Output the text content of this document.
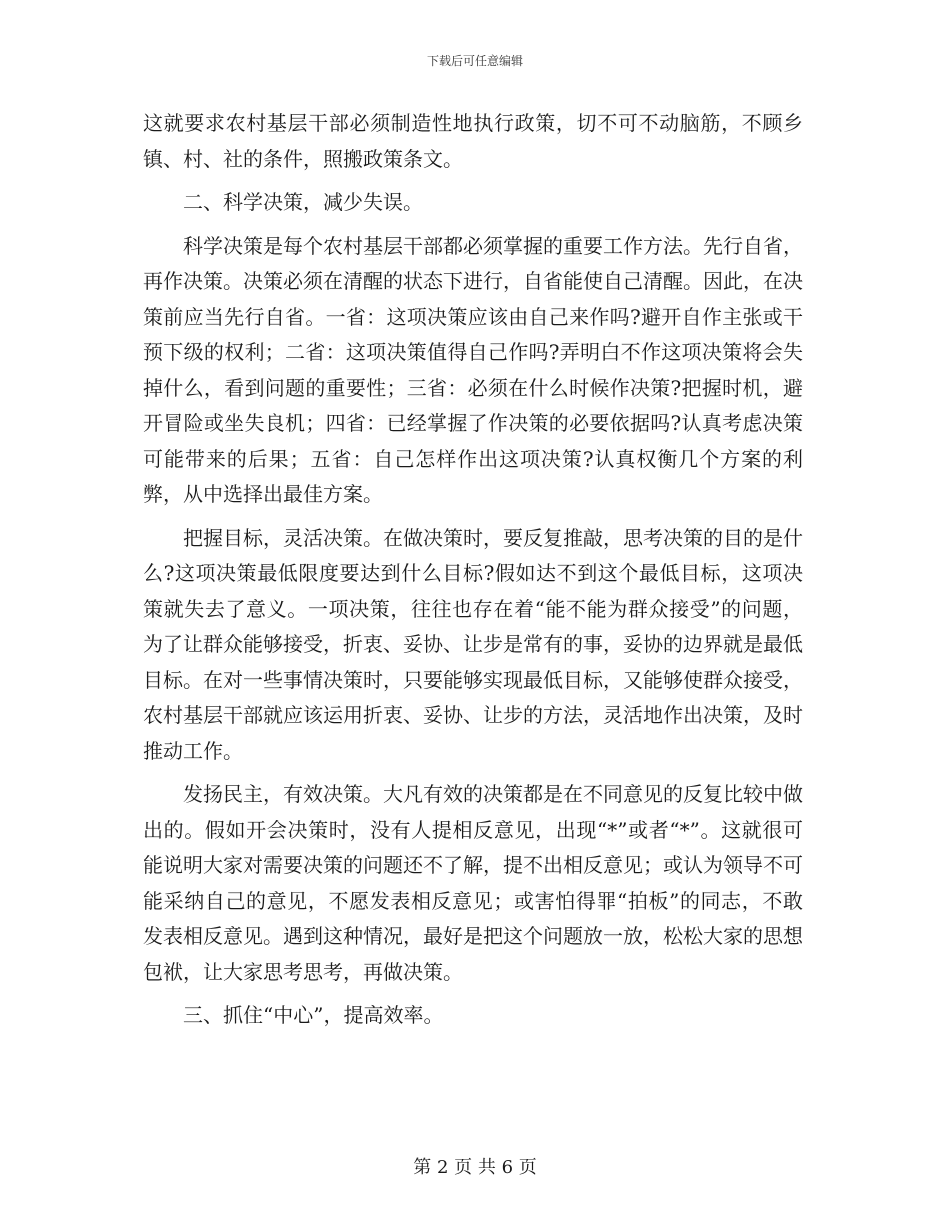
下载后可任意编辑

这就要求农村基层干部必须制造性地执行政策，切不可不动脑筋，不顾乡镇、村、社的条件，照搬政策条文。

二、科学决策，减少失误。

科学决策是每个农村基层干部都必须掌握的重要工作方法。先行自省，再作决策。决策必须在清醒的状态下进行，自省能使自己清醒。因此，在决策前应当先行自省。一省：这项决策应该由自己来作吗?避开自作主张或干预下级的权利；二省：这项决策值得自己作吗?弄明白不作这项决策将会失掉什么，看到问题的重要性；三省：必须在什么时候作决策?把握时机，避开冒险或坐失良机；四省：已经掌握了作决策的必要依据吗?认真考虑决策可能带来的后果；五省：自己怎样作出这项决策?认真权衡几个方案的利弊，从中选择出最佳方案。

把握目标，灵活决策。在做决策时，要反复推敲，思考决策的目的是什么?这项决策最低限度要达到什么目标?假如达不到这个最低目标，这项决策就失去了意义。一项决策，往往也存在着“能不能为群众接受”的问题，为了让群众能够接受，折衷、妥协、让步是常有的事，妥协的边界就是最低目标。在对一些事情决策时，只要能够实现最低目标，又能够使群众接受，农村基层干部就应该运用折衷、妥协、让步的方法，灵活地作出决策，及时推动工作。

发扬民主，有效决策。大凡有效的决策都是在不同意见的反复比较中做出的。假如开会决策时，没有人提相反意见，出现“*”或者“*”。这就很可能说明大家对需要决策的问题还不了解，提不出相反意见；或认为领导不可能采纳自己的意见，不愿发表相反意见；或害怕得罪“拍板”的同志，不敢发表相反意见。遇到这种情况，最好是把这个问题放一放，松松大家的思想包袱，让大家思考思考，再做决策。

三、抓住“中心”，提高效率。

第 2 页 共 6 页
